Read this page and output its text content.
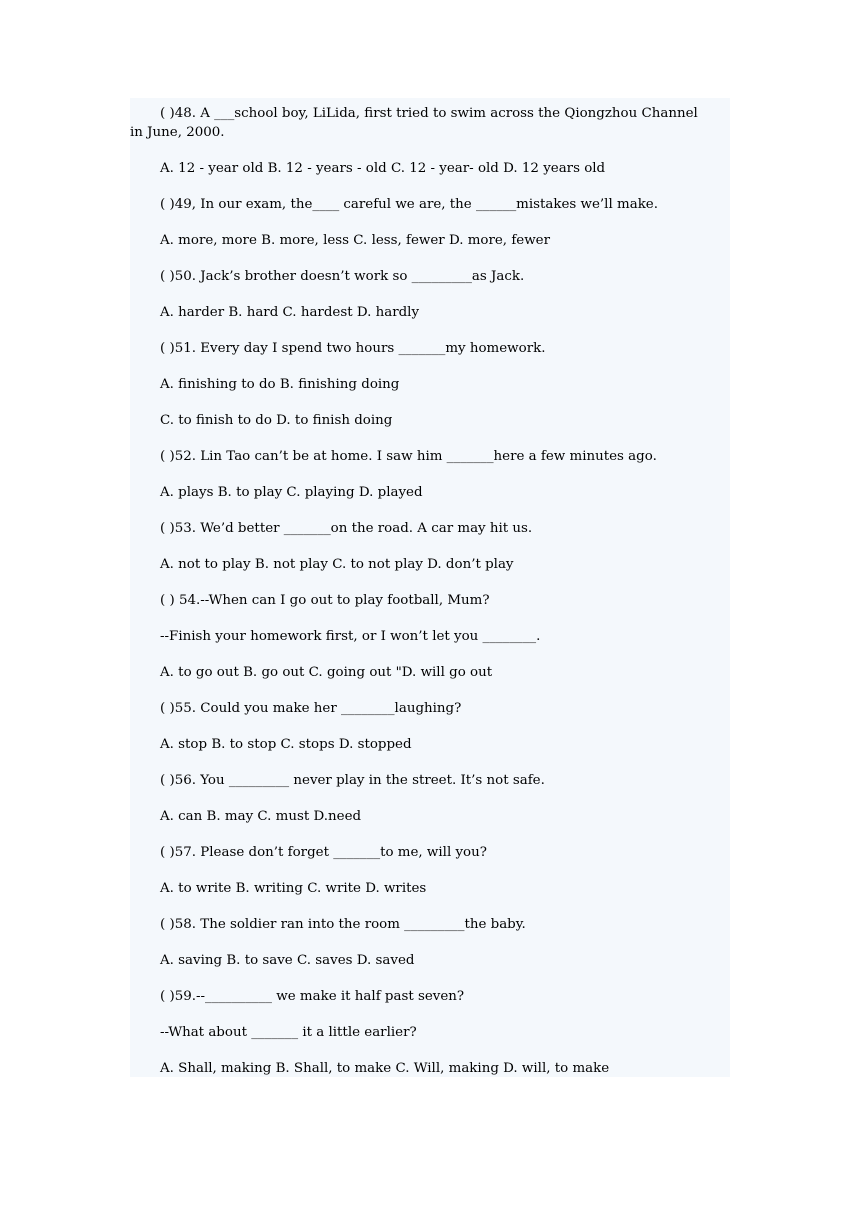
( )48. A ___school boy, LiLida, first tried to swim across the Qiongzhou Channel
in June, 2000.
A. 12 - year old B. 12 - years - old C. 12 - year- old D. 12 years old
( )49, In our exam, the____ careful we are, the ______mistakes we’ll make.
A. more, more B. more, less C. less, fewer D. more, fewer
( )50. Jack’s brother doesn’t work so _________as Jack.
A. harder B. hard C. hardest D. hardly
( )51. Every day I spend two hours _______my homework.
A. finishing to do B. finishing doing
C. to finish to do D. to finish doing
( )52. Lin Tao can’t be at home. I saw him _______here a few minutes ago.
A. plays B. to play C. playing D. played
( )53. We’d better _______on the road. A car may hit us.
A. not to play B. not play C. to not play D. don’t play
( ) 54.--When can I go out to play football, Mum?
--Finish your homework first, or I won’t let you ________.
A. to go out B. go out C. going out "D. will go out
( )55. Could you make her ________laughing?
A. stop B. to stop C. stops D. stopped
( )56. You _________ never play in the street. It’s not safe.
A. can B. may C. must D.need
( )57. Please don’t forget _______to me, will you?
A. to write B. writing C. write D. writes
( )58. The soldier ran into the room _________the baby.
A. saving B. to save C. saves D. saved
( )59.--__________ we make it half past seven?
--What about _______ it a little earlier?
A. Shall, making B. Shall, to make C. Will, making D. will, to make
